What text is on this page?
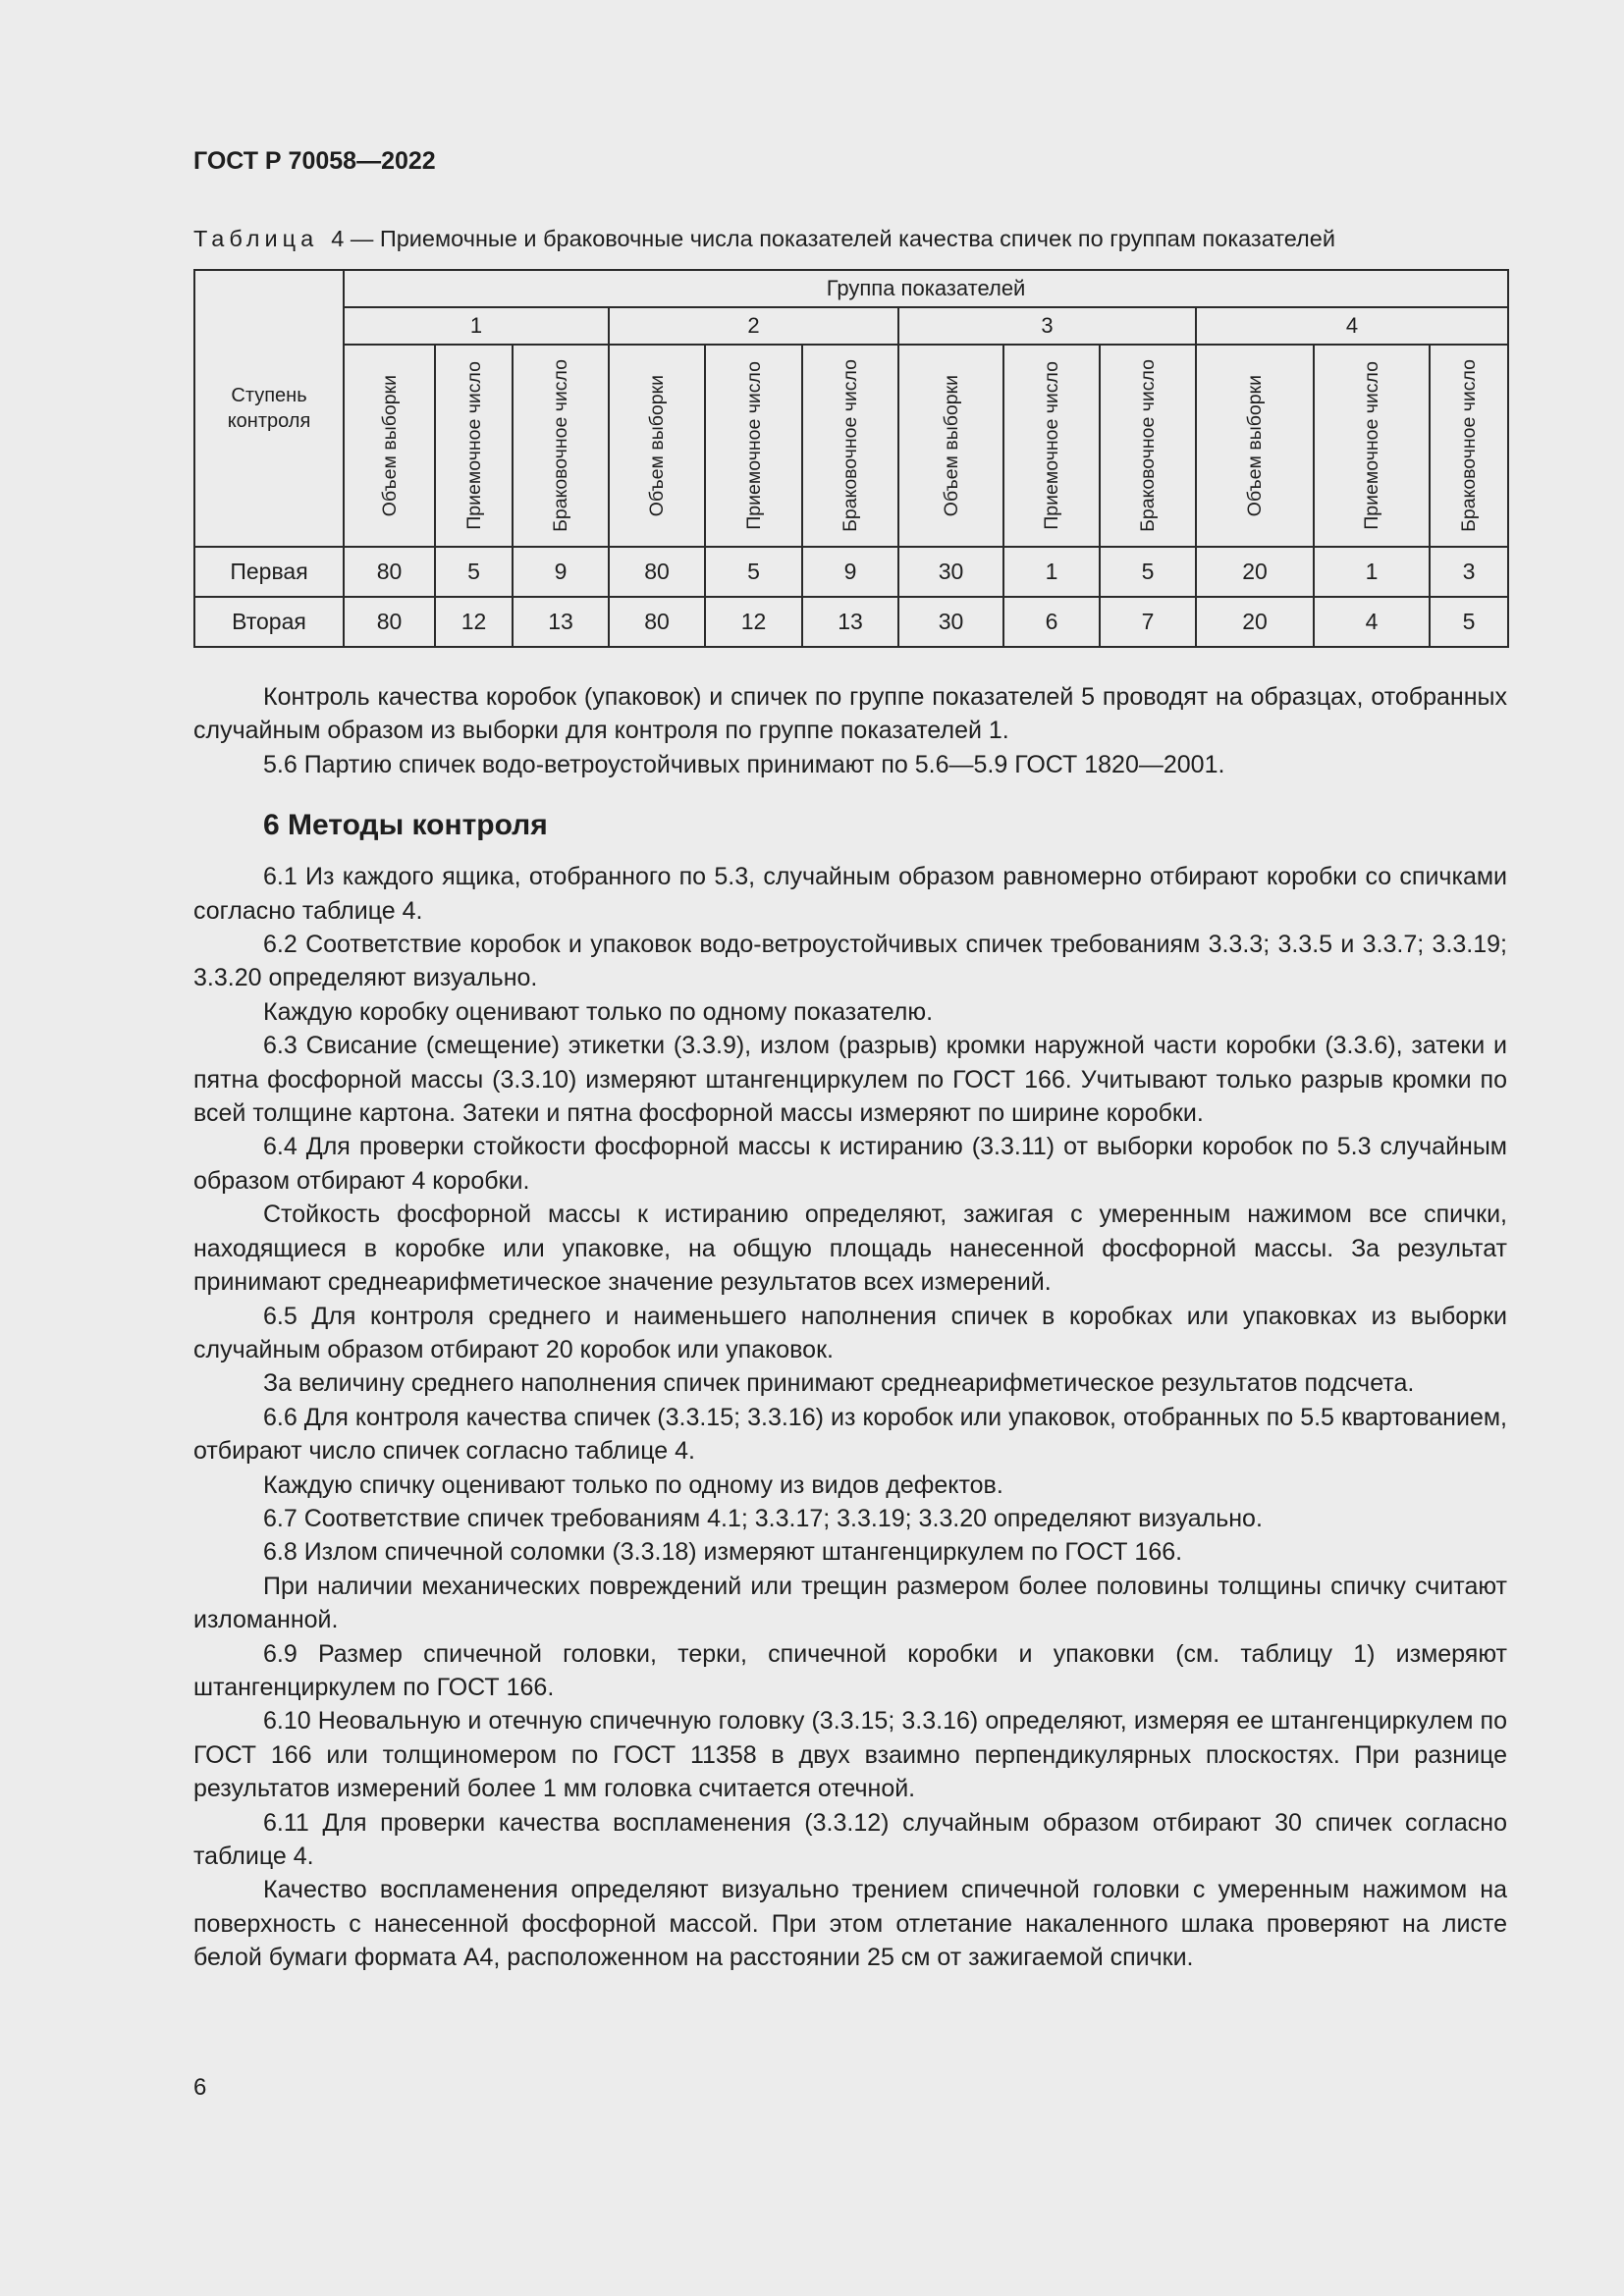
ГОСТ Р 70058—2022
Таблица 4 — Приемочные и браковочные числа показателей качества спичек по группам показателей
Ступень контроля	Группа показателей											
	1			2			3			4		

	Объем выборки	Приемочное число	Браковочное число	Объем выборки	Приемочное число	Браковочное число	Объем выборки	Приемочное число	Браковочное число	Объем выборки	Приемочное число	Браковочное число

Первая	80	5	9	80	5	9	30	1	5	20	1	3
Вторая	80	12	13	80	12	13	30	6	7	20	4	5

Контроль качества коробок (упаковок) и спичек по группе показателей 5 проводят на образцах, отобранных случайным образом из выборки для контроля по группе показателей 1.

5.6 Партию спичек водо-ветроустойчивых принимают по 5.6—5.9 ГОСТ 1820—2001.

6 Методы контроля

6.1 Из каждого ящика, отобранного по 5.3, случайным образом равномерно отбирают коробки со спичками согласно таблице 4.

6.2 Соответствие коробок и упаковок водо-ветроустойчивых спичек требованиям 3.3.3; 3.3.5 и 3.3.7; 3.3.19; 3.3.20 определяют визуально.

Каждую коробку оценивают только по одному показателю.

6.3 Свисание (смещение) этикетки (3.3.9), излом (разрыв) кромки наружной части коробки (3.3.6), затеки и пятна фосфорной массы (3.3.10) измеряют штангенциркулем по ГОСТ 166. Учитывают только разрыв кромки по всей толщине картона. Затеки и пятна фосфорной массы измеряют по ширине коробки.

6.4 Для проверки стойкости фосфорной массы к истиранию (3.3.11) от выборки коробок по 5.3 случайным образом отбирают 4 коробки.

Стойкость фосфорной массы к истиранию определяют, зажигая с умеренным нажимом все спички, находящиеся в коробке или упаковке, на общую площадь нанесенной фосфорной массы. За результат принимают среднеарифметическое значение результатов всех измерений.

6.5 Для контроля среднего и наименьшего наполнения спичек в коробках или упаковках из выборки случайным образом отбирают 20 коробок или упаковок.

За величину среднего наполнения спичек принимают среднеарифметическое результатов подсчета.

6.6 Для контроля качества спичек (3.3.15; 3.3.16) из коробок или упаковок, отобранных по 5.5 квартованием, отбирают число спичек согласно таблице 4.

Каждую спичку оценивают только по одному из видов дефектов.

6.7 Соответствие спичек требованиям 4.1; 3.3.17; 3.3.19; 3.3.20 определяют визуально.

6.8 Излом спичечной соломки (3.3.18) измеряют штангенциркулем по ГОСТ 166.

При наличии механических повреждений или трещин размером более половины толщины спичку считают изломанной.

6.9 Размер спичечной головки, терки, спичечной коробки и упаковки (см. таблицу 1) измеряют штангенциркулем по ГОСТ 166.

6.10 Неовальную и отечную спичечную головку (3.3.15; 3.3.16) определяют, измеряя ее штангенциркулем по ГОСТ 166 или толщиномером по ГОСТ 11358 в двух взаимно перпендикулярных плоскостях. При разнице результатов измерений более 1 мм головка считается отечной.

6.11 Для проверки качества воспламенения (3.3.12) случайным образом отбирают 30 спичек согласно таблице 4.

Качество воспламенения определяют визуально трением спичечной головки с умеренным нажимом на поверхность с нанесенной фосфорной массой. При этом отлетание накаленного шлака проверяют на листе белой бумаги формата А4, расположенном на расстоянии 25 см от зажигаемой спички.

6
